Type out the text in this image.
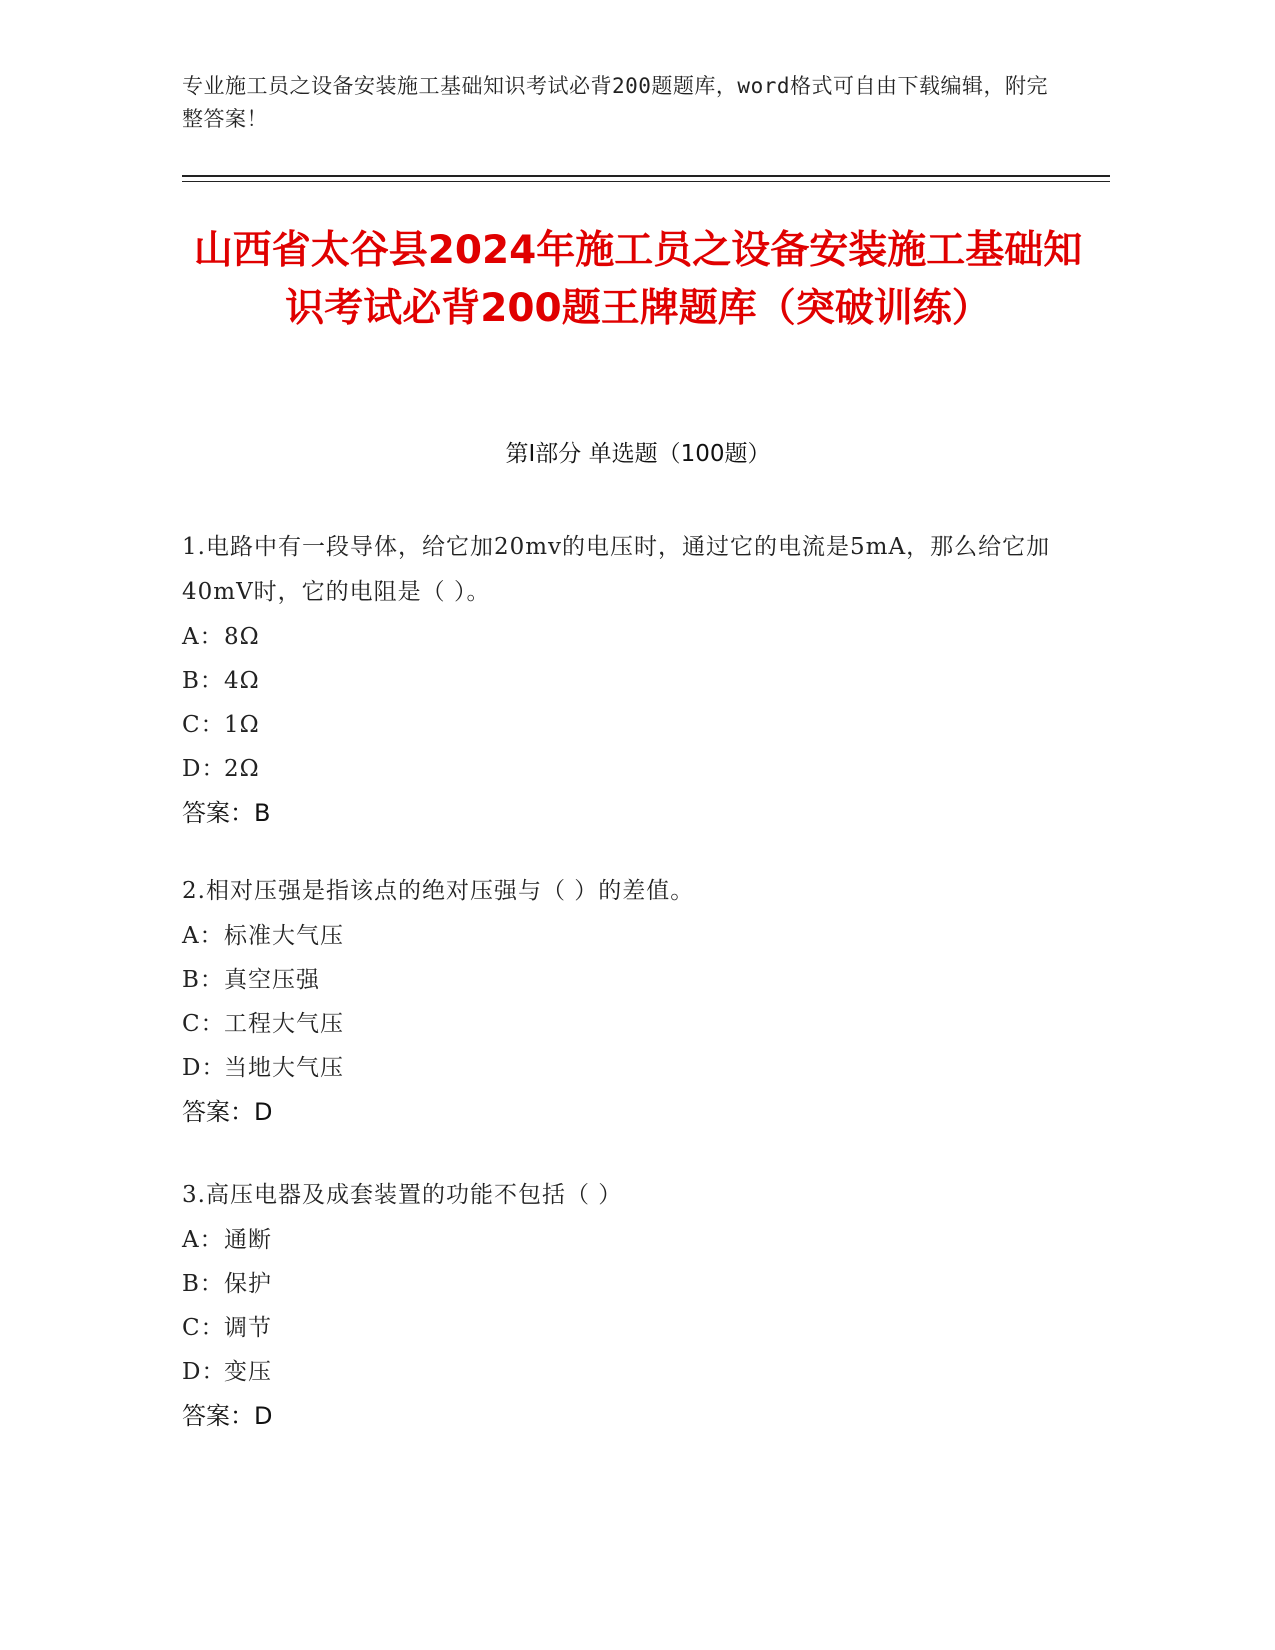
专业施工员之设备安装施工基础知识考试必背200题题库，word格式可自由下载编辑，附完整答案！
山西省太谷县2024年施工员之设备安装施工基础知识考试必背200题王牌题库（突破训练）
第Ⅰ部分 单选题（100题）

1.电路中有一段导体，给它加20mv的电压时，通过它的电流是5mA，那么给它加40mV时，它的电阻是（ ）。

A：8Ω
B：4Ω
C：1Ω
D：2Ω
答案：B

2.相对压强是指该点的绝对压强与（ ）的差值。

A：标准大气压
B：真空压强
C：工程大气压
D：当地大气压
答案：D

3.高压电器及成套装置的功能不包括（ ）

A：通断
B：保护
C：调节
D：变压
答案：D
